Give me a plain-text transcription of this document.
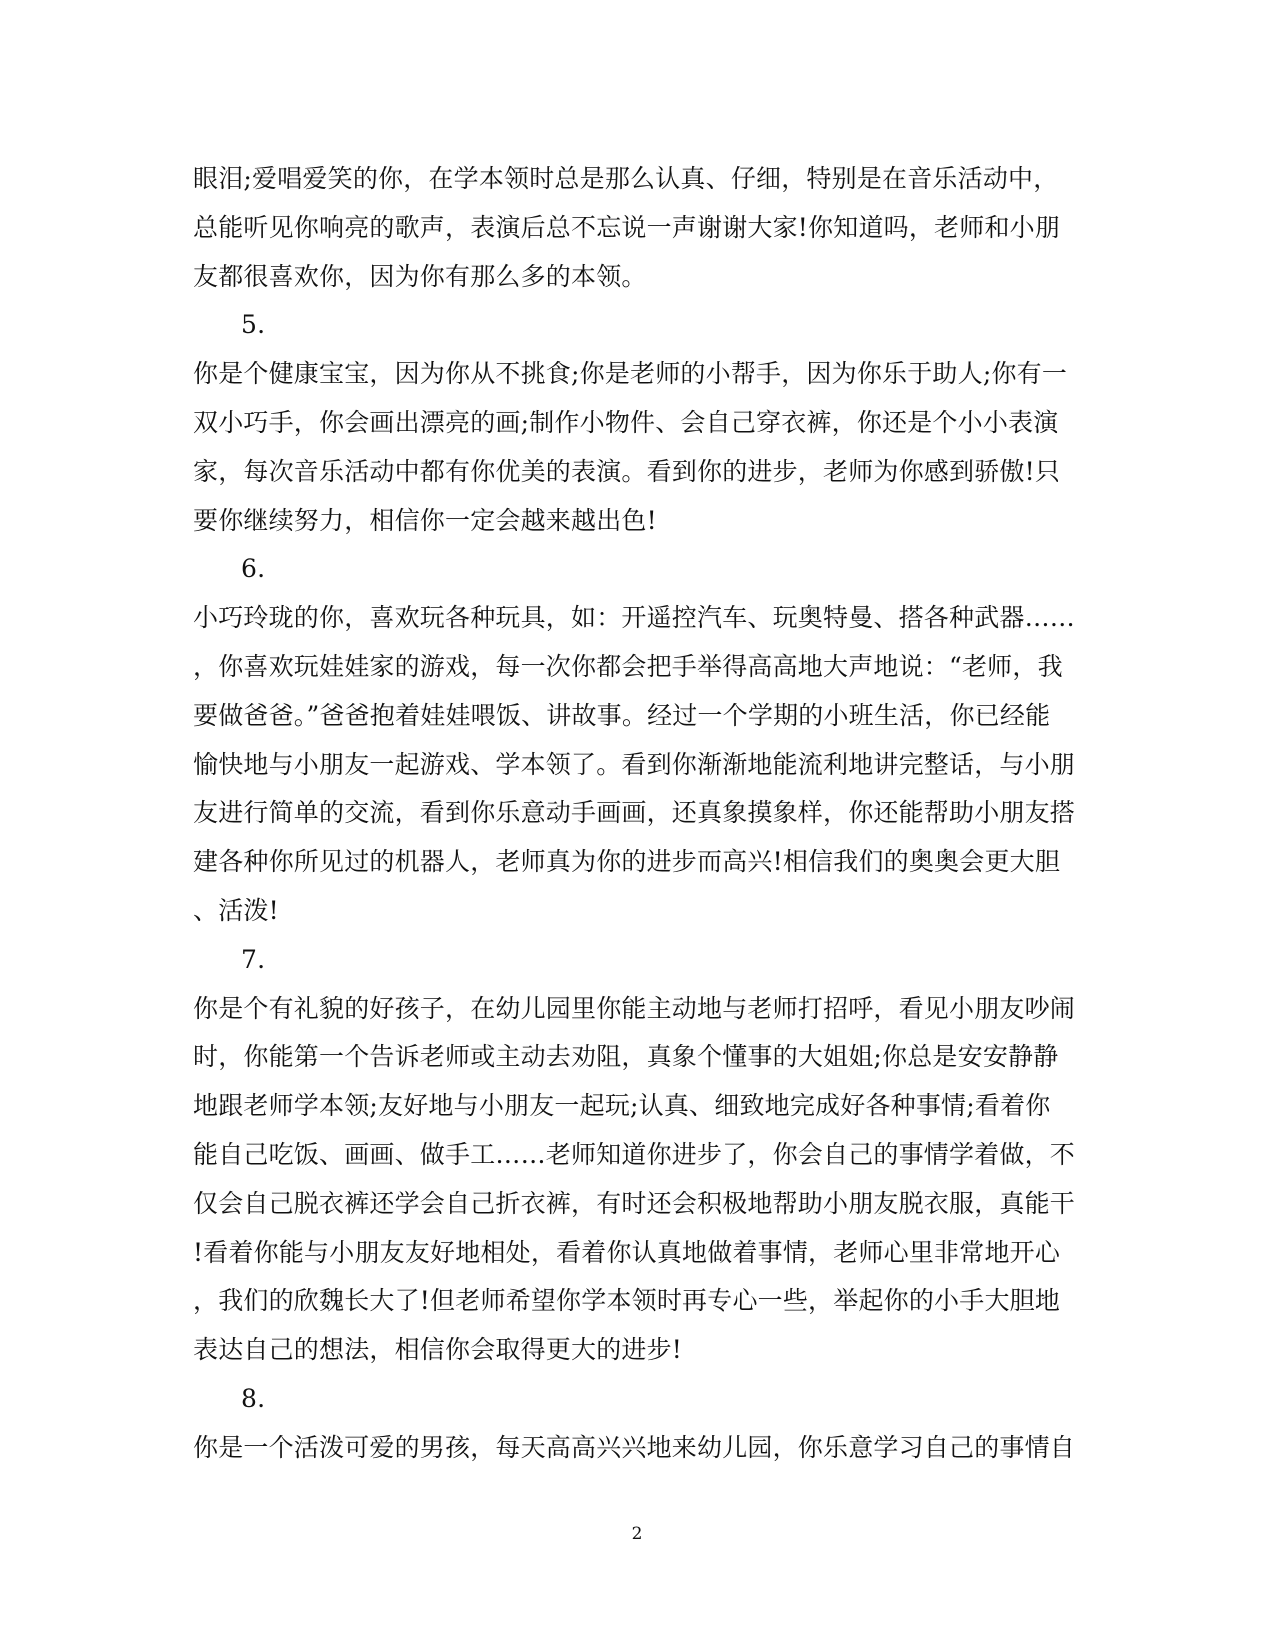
眼泪;爱唱爱笑的你，在学本领时总是那么认真、仔细，特别是在音乐活动中，
总能听见你响亮的歌声，表演后总不忘说一声谢谢大家!你知道吗，老师和小朋
友都很喜欢你，因为你有那么多的本领。
5.
你是个健康宝宝，因为你从不挑食;你是老师的小帮手，因为你乐于助人;你有一
双小巧手，你会画出漂亮的画;制作小物件、会自己穿衣裤，你还是个小小表演
家，每次音乐活动中都有你优美的表演。看到你的进步，老师为你感到骄傲!只
要你继续努力，相信你一定会越来越出色!
6.
小巧玲珑的你，喜欢玩各种玩具，如：开遥控汽车、玩奥特曼、搭各种武器……
，你喜欢玩娃娃家的游戏，每一次你都会把手举得高高地大声地说：“老师，我
要做爸爸。”爸爸抱着娃娃喂饭、讲故事。经过一个学期的小班生活，你已经能
愉快地与小朋友一起游戏、学本领了。看到你渐渐地能流利地讲完整话，与小朋
友进行简单的交流，看到你乐意动手画画，还真象摸象样，你还能帮助小朋友搭
建各种你所见过的机器人，老师真为你的进步而高兴!相信我们的奥奥会更大胆
、活泼!
7.
你是个有礼貌的好孩子，在幼儿园里你能主动地与老师打招呼，看见小朋友吵闹
时，你能第一个告诉老师或主动去劝阻，真象个懂事的大姐姐;你总是安安静静
地跟老师学本领;友好地与小朋友一起玩;认真、细致地完成好各种事情;看着你
能自己吃饭、画画、做手工……老师知道你进步了，你会自己的事情学着做，不
仅会自己脱衣裤还学会自己折衣裤，有时还会积极地帮助小朋友脱衣服，真能干
!看着你能与小朋友友好地相处，看着你认真地做着事情，老师心里非常地开心
，我们的欣魏长大了!但老师希望你学本领时再专心一些，举起你的小手大胆地
表达自己的想法，相信你会取得更大的进步!
8.
你是一个活泼可爱的男孩，每天高高兴兴地来幼儿园，你乐意学习自己的事情自
2
